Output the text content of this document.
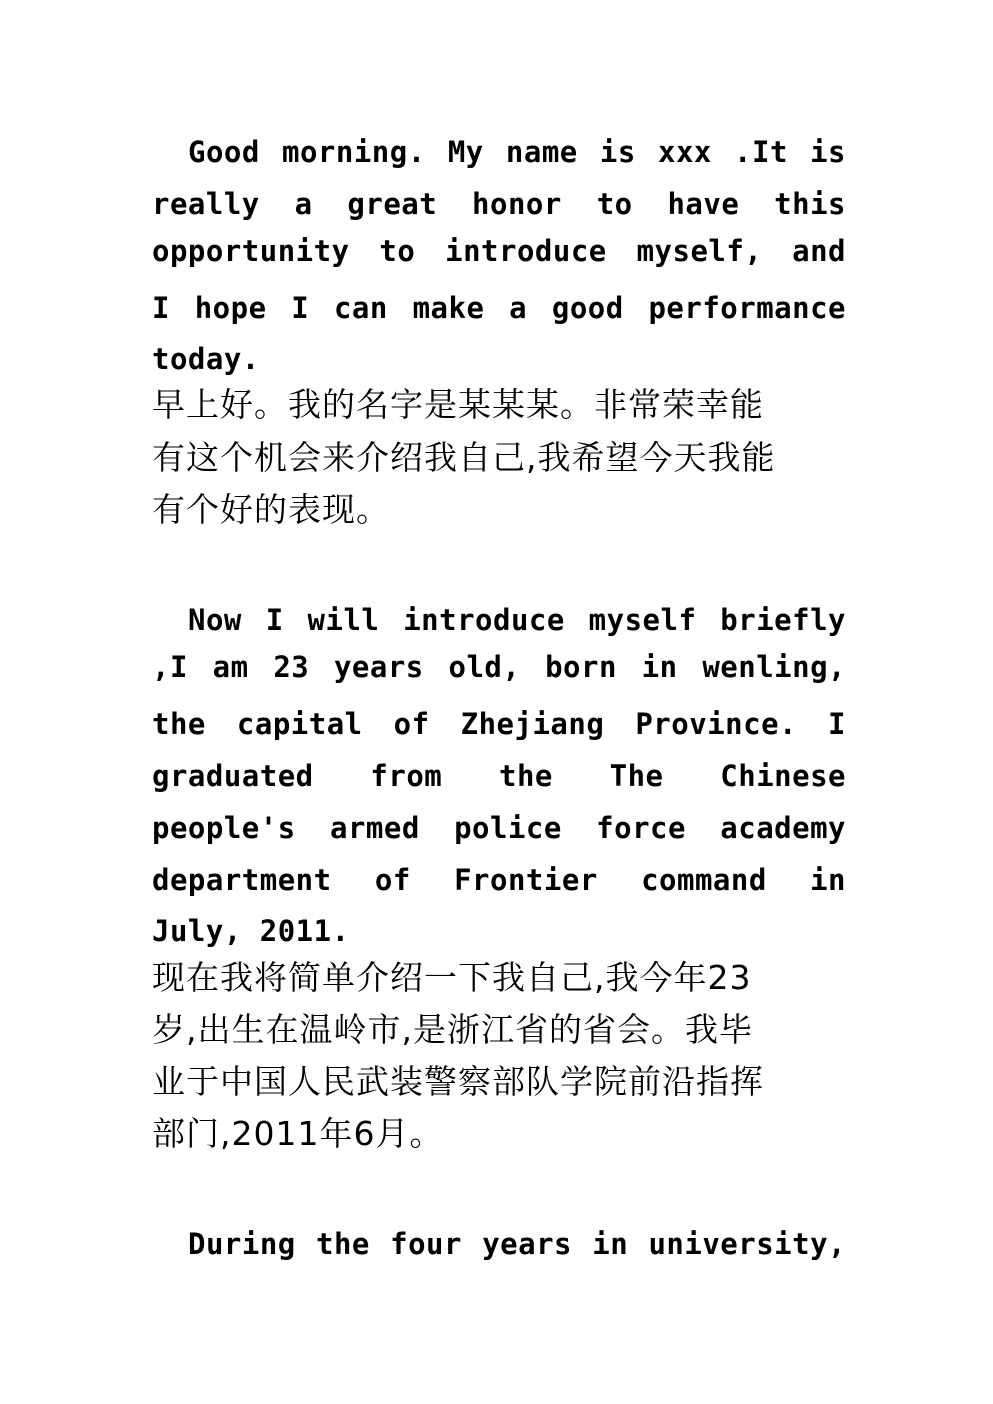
Good morning. My name is xxx .It is

really a great honor to have this

opportunity to introduce myself, and

I hope I can make a good performance

today.

早上好。我的名字是某某某。非常荣幸能

有这个机会来介绍我自己,我希望今天我能

有个好的表现。

Now I will introduce myself briefly

,I am 23 years old, born in wenling,

the capital of Zhejiang Province. I

graduated from the The Chinese

people's armed police force academy

department of Frontier command in

July, 2011.

现在我将简单介绍一下我自己,我今年23

岁,出生在温岭市,是浙江省的省会。我毕

业于中国人民武装警察部队学院前沿指挥

部门,2011年6月。

During the four years in university,
